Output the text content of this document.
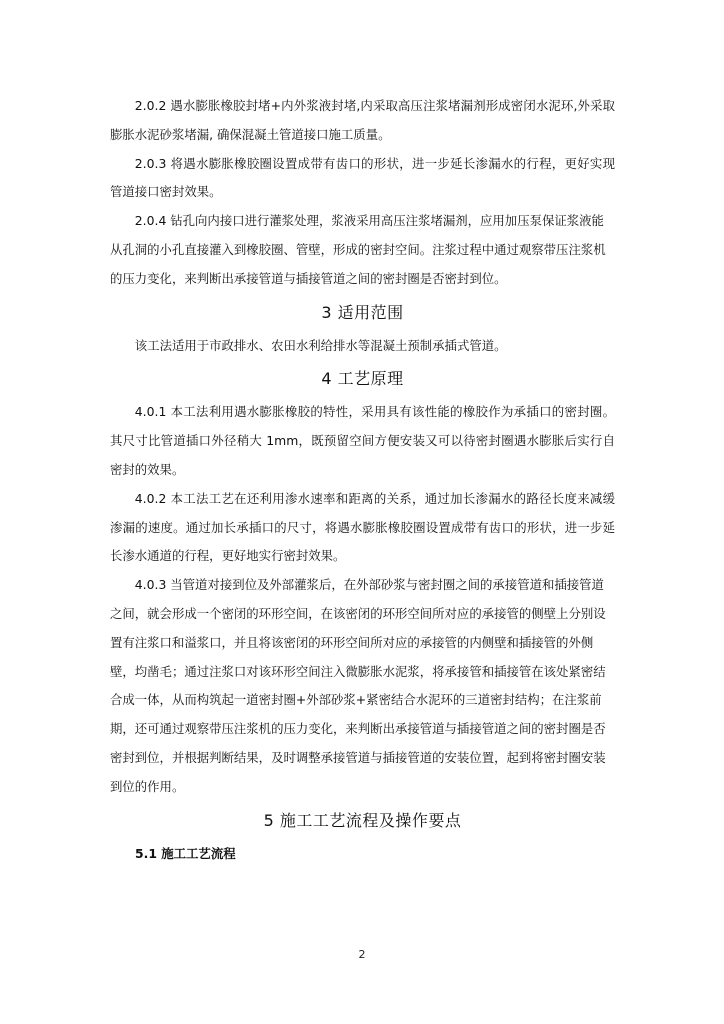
2.0.2 遇水膨胀橡胶封堵+内外浆液封堵,内采取高压注浆堵漏剂形成密闭水泥环,外采取膨胀水泥砂浆堵漏, 确保混凝土管道接口施工质量。

2.0.3 将遇水膨胀橡胶圈设置成带有齿口的形状，进一步延长渗漏水的行程，更好实现管道接口密封效果。

2.0.4 钻孔向内接口进行灌浆处理，浆液采用高压注浆堵漏剂，应用加压泵保证浆液能从孔洞的小孔直接灌入到橡胶圈、管壁，形成的密封空间。注浆过程中通过观察带压注浆机的压力变化，来判断出承接管道与插接管道之间的密封圈是否密封到位。

3 适用范围

该工法适用于市政排水、农田水利给排水等混凝土预制承插式管道。

4 工艺原理

4.0.1 本工法利用遇水膨胀橡胶的特性，采用具有该性能的橡胶作为承插口的密封圈。其尺寸比管道插口外径稍大 1mm，既预留空间方便安装又可以待密封圈遇水膨胀后实行自密封的效果。

4.0.2 本工法工艺在还利用渗水速率和距离的关系，通过加长渗漏水的路径长度来减缓渗漏的速度。通过加长承插口的尺寸，将遇水膨胀橡胶圈设置成带有齿口的形状，进一步延长渗水通道的行程，更好地实行密封效果。

4.0.3 当管道对接到位及外部灌浆后，在外部砂浆与密封圈之间的承接管道和插接管道之间，就会形成一个密闭的环形空间，在该密闭的环形空间所对应的承接管的侧壁上分别设置有注浆口和溢浆口，并且将该密闭的环形空间所对应的承接管的内侧壁和插接管的外侧壁，均凿毛；通过注浆口对该环形空间注入微膨胀水泥浆，将承接管和插接管在该处紧密结合成一体，从而构筑起一道密封圈+外部砂浆+紧密结合水泥环的三道密封结构；在注浆前期，还可通过观察带压注浆机的压力变化，来判断出承接管道与插接管道之间的密封圈是否密封到位，并根据判断结果，及时调整承接管道与插接管道的安装位置，起到将密封圈安装到位的作用。

5 施工工艺流程及操作要点
5.1 施工工艺流程
2
